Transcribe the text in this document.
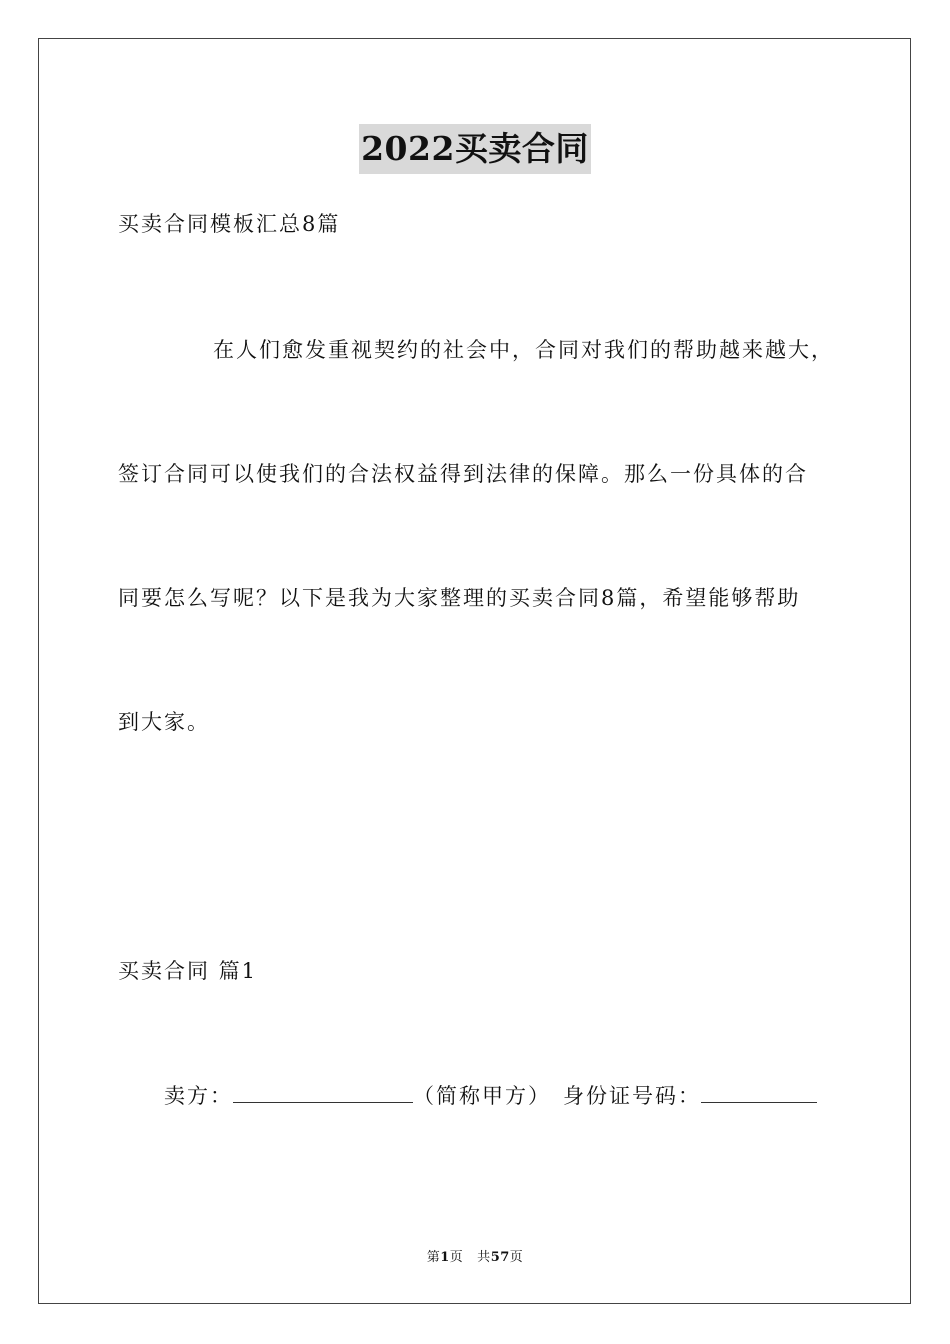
2022买卖合同
买卖合同模板汇总8篇
在人们愈发重视契约的社会中，合同对我们的帮助越来越大，
签订合同可以使我们的合法权益得到法律的保障。那么一份具体的合
同要怎么写呢？以下是我为大家整理的买卖合同8篇，希望能够帮助
到大家。
买卖合同 篇1
卖方：	（简称甲方） 身份证号码：
第1页 共57页
